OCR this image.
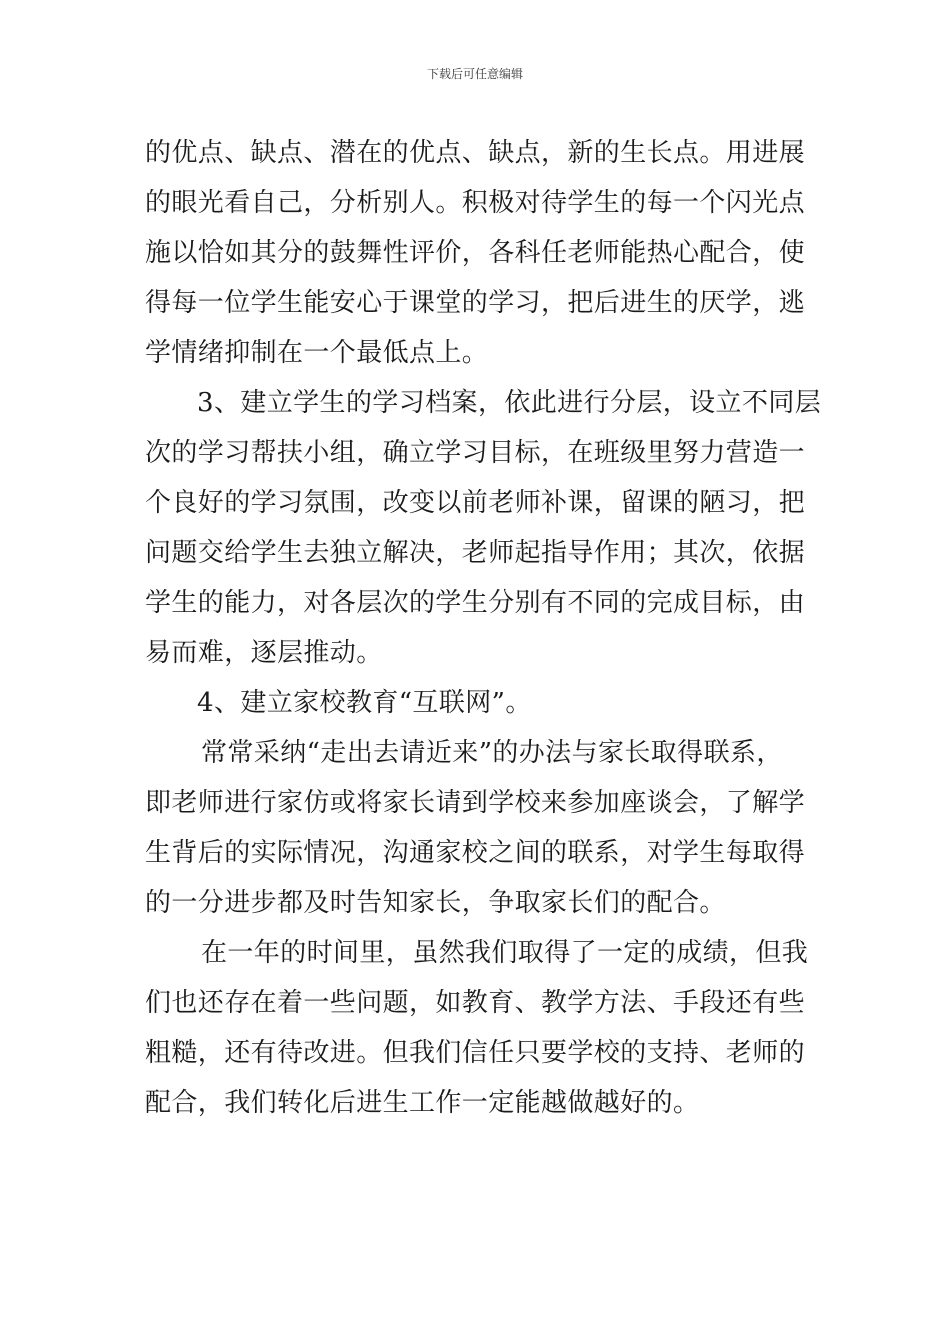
下载后可任意编辑
的优点、缺点、潜在的优点、缺点，新的生长点。用进展
的眼光看自己，分析别人。积极对待学生的每一个闪光点
施以恰如其分的鼓舞性评价，各科任老师能热心配合，使
得每一位学生能安心于课堂的学习，把后进生的厌学，逃
学情绪抑制在一个最低点上。
3、建立学生的学习档案，依此进行分层，设立不同层
次的学习帮扶小组，确立学习目标，在班级里努力营造一
个良好的学习氛围，改变以前老师补课，留课的陋习，把
问题交给学生去独立解决，老师起指导作用；其次，依据
学生的能力，对各层次的学生分别有不同的完成目标，由
易而难，逐层推动。
4、建立家校教育“互联网”。
常常采纳“走出去请近来”的办法与家长取得联系，
即老师进行家仿或将家长请到学校来参加座谈会，了解学
生背后的实际情况，沟通家校之间的联系，对学生每取得
的一分进步都及时告知家长，争取家长们的配合。
在一年的时间里，虽然我们取得了一定的成绩，但我
们也还存在着一些问题，如教育、教学方法、手段还有些
粗糙，还有待改进。但我们信任只要学校的支持、老师的
配合，我们转化后进生工作一定能越做越好的。
